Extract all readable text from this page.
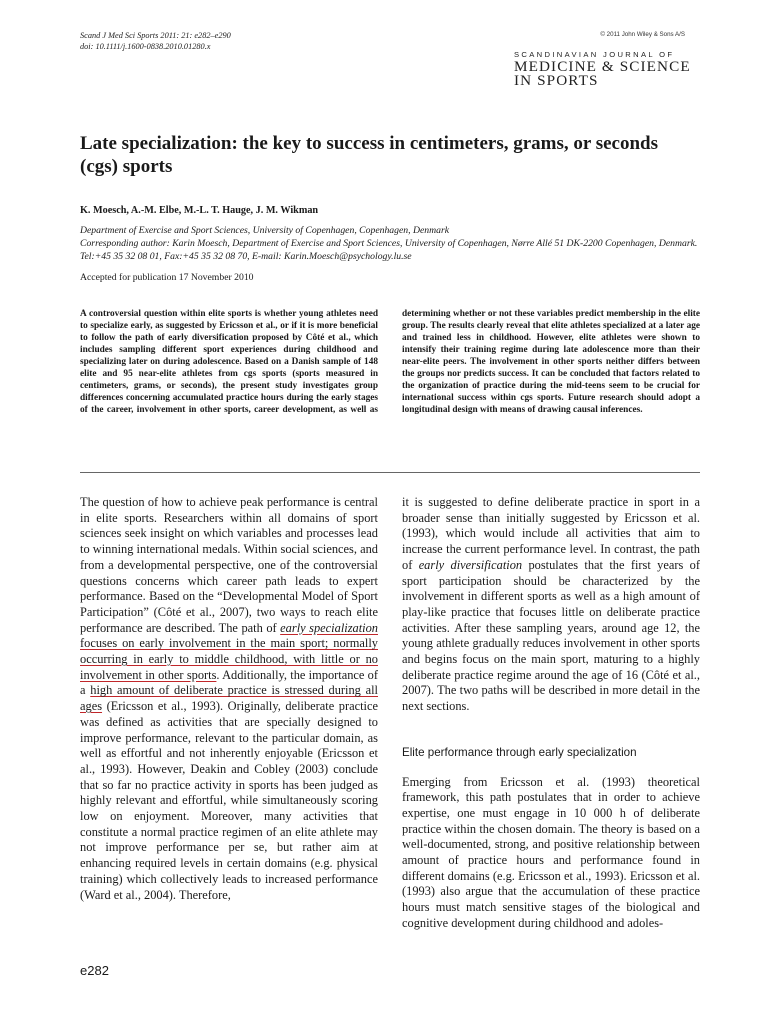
Scand J Med Sci Sports 2011: 21: e282–e290
doi: 10.1111/j.1600-0838.2010.01280.x
© 2011 John Wiley & Sons A/S
SCANDINAVIAN JOURNAL OF
MEDICINE & SCIENCE
IN SPORTS
Late specialization: the key to success in centimeters, grams, or seconds (cgs) sports
K. Moesch, A.-M. Elbe, M.-L. T. Hauge, J. M. Wikman
Department of Exercise and Sport Sciences, University of Copenhagen, Copenhagen, Denmark
Corresponding author: Karin Moesch, Department of Exercise and Sport Sciences, University of Copenhagen, Nørre Allé 51 DK-2200 Copenhagen, Denmark. Tel:+45 35 32 08 01, Fax:+45 35 32 08 70, E-mail: Karin.Moesch@psychology.lu.se
Accepted for publication 17 November 2010
A controversial question within elite sports is whether young athletes need to specialize early, as suggested by Ericsson et al., or if it is more beneficial to follow the path of early diversification proposed by Côté et al., which includes sampling different sport experiences during childhood and specializing later on during adolescence. Based on a Danish sample of 148 elite and 95 near-elite athletes from cgs sports (sports measured in centimeters, grams, or seconds), the present study investigates group differences concerning accumulated practice hours during the early stages of the career, involvement in other sports, career development, as well as determining whether or not these variables predict membership in the elite group. The results clearly reveal that elite athletes specialized at a later age and trained less in childhood. However, elite athletes were shown to intensify their training regime during late adolescence more than their near-elite peers. The involvement in other sports neither differs between the groups nor predicts success. It can be concluded that factors related to the organization of practice during the mid-teens seem to be crucial for international success within cgs sports. Future research should adopt a longitudinal design with means of drawing causal inferences.

The question of how to achieve peak performance is central in elite sports. Researchers within all domains of sport sciences seek insight on which variables and processes lead to winning international medals. Within social sciences, and from a developmental perspective, one of the controversial questions concerns which career path leads to expert performance. Based on the “Developmental Model of Sport Participation” (Côté et al., 2007), two ways to reach elite performance are described. The path of early specialization focuses on early involvement in the main sport; normally occurring in early to middle childhood, with little or no involvement in other sports. Additionally, the importance of a high amount of deliberate practice is stressed during all ages (Ericsson et al., 1993). Originally, deliberate practice was defined as activities that are specially designed to improve performance, relevant to the particular domain, as well as effortful and not inherently enjoyable (Ericsson et al., 1993). However, Deakin and Cobley (2003) conclude that so far no practice activity in sports has been judged as highly relevant and effortful, while simultaneously scoring low on enjoyment. Moreover, many activities that constitute a normal practice regimen of an elite athlete may not improve performance per se, but rather aim at enhancing required levels in certain domains (e.g. physical training) which collectively leads to increased performance (Ward et al., 2004). Therefore,

it is suggested to define deliberate practice in sport in a broader sense than initially suggested by Ericsson et al. (1993), which would include all activities that aim to increase the current performance level. In contrast, the path of early diversification postulates that the first years of sport participation should be characterized by the involvement in different sports as well as a high amount of play-like practice that focuses little on deliberate practice activities. After these sampling years, around age 12, the young athlete gradually reduces involvement in other sports and begins focus on the main sport, maturing to a highly deliberate practice regime around the age of 16 (Côté et al., 2007). The two paths will be described in more detail in the next sections.

Elite performance through early specialization

Emerging from Ericsson et al. (1993) theoretical framework, this path postulates that in order to achieve expertise, one must engage in 10 000 h of deliberate practice within the chosen domain. The theory is based on a well-documented, strong, and positive relationship between amount of practice hours and performance found in different domains (e.g. Ericsson et al., 1993). Ericsson et al. (1993) also argue that the accumulation of these practice hours must match sensitive stages of the biological and cognitive development during childhood and adoles-

e282
